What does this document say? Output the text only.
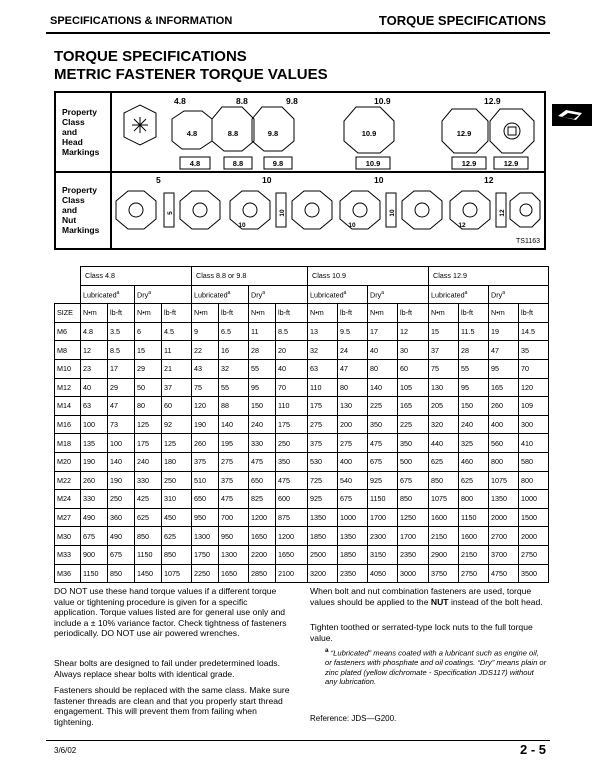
SPECIFICATIONS & INFORMATION	TORQUE SPECIFICATIONS
TORQUE SPECIFICATIONS
METRIC FASTENER TORQUE VALUES
Property
Class
and
Head
Markings
Property
Class
and
Nut
Markings
4.8	8.8	9.8	10.9	12.9
5	10	10	12
4.8
4.8
8.8	9.8
8.8	9.8
10.9
10.9
12.9
12.9	12.9
5
10
10
10
10
12
12
TS1163
	Class 4.8				Class 8.8 or 9.8				Class 10.9				Class 12.9			
	Lubricated$^a$		Dry$^a$		Lubricated$^a$		Dry$^a$		Lubricated$^a$		Dry$^a$		Lubricated$^a$		Dry$^a$
SIZE	N•m	lb-ft	N•m	lb-ft	N•m	lb-ft	N•m	lb-ft	N•m	lb-ft	N•m	lb-ft	N•m	lb-ft	N•m	lb-ft
M6	4.8	3.5	6	4.5	9	6.5	11	8.5	13	9.5	17	12	15	11.5	19	14.5
M8	12	8.5	15	11	22	16	28	20	32	24	40	30	37	28	47	35
M10	23	17	29	21	43	32	55	40	63	47	80	60	75	55	95	70
M12	40	29	50	37	75	55	95	70	110	80	140	105	130	95	165	120
M14	63	47	80	60	120	88	150	110	175	130	225	165	205	150	260	109
M16	100	73	125	92	190	140	240	175	275	200	350	225	320	240	400	300
M18	135	100	175	125	260	195	330	250	375	275	475	350	440	325	560	410
M20	190	140	240	180	375	275	475	350	530	400	675	500	625	460	800	580
M22	260	190	330	250	510	375	650	475	725	540	925	675	850	625	1075	800
M24	330	250	425	310	650	475	825	600	925	675	1150	850	1075	800	1350	1000
M27	490	360	625	450	950	700	1200	875	1350	1000	1700	1250	1600	1150	2000	1500
M30	675	490	850	625	1300	950	1650	1200	1850	1350	2300	1700	2150	1600	2700	2000
M33	900	675	1150	850	1750	1300	2200	1650	2500	1850	3150	2350	2900	2150	3700	2750
M36	1150	850	1450	1075	2250	1650	2850	2100	3200	2350	4050	3000	3750	2750	4750	3500

DO NOT use these hand torque values if a different torque value or tightening procedure is given for a specific application. Torque values listed are for general use only and include a ± 10% variance factor. Check tightness of fasteners periodically. DO NOT use air powered wrenches.

Shear bolts are designed to fail under predetermined loads. Always replace shear bolts with identical grade.

Fasteners should be replaced with the same class. Make sure fastener threads are clean and that you properly start thread engagement. This will prevent them from failing when tightening.

When bolt and nut combination fasteners are used, torque values should be applied to the NUT instead of the bolt head.

Tighten toothed or serrated-type lock nuts to the full torque value.

$^a$ “Lubricated” means coated with a lubricant such as engine oil, or fasteners with phosphate and oil coatings. “Dry” means plain or zinc plated (yellow dichromate - Specification JDS117) without any lubrication.
Reference: JDS—G200.
3/6/02	2 - 5
